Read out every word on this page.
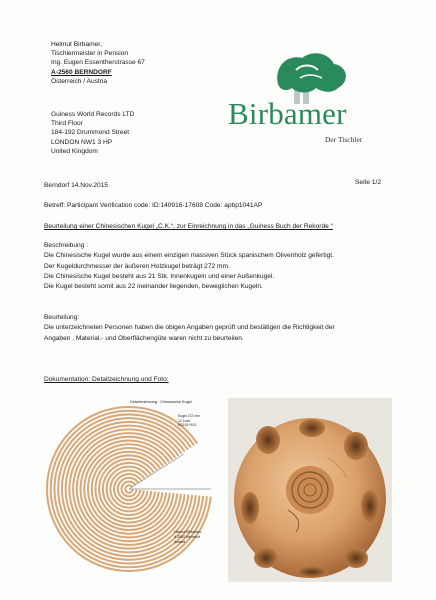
Helmut Birbamer,
Tischlermeister in Pension
Ing. Eugen Essentherstrasse 67
A-2560 BERNDORF
Österreich / Austria
Guiness World Records LTD
Third Floor
184-192 Drummond Street
LONDON NW1 3 HP
United Kingdom
Birbamer
Der Tischler
Berndorf 14.Nov.2015	Seite 1/2
Betreff: Participant Verification code: ID:140916-17608 Code: apbp1041AP
Beurteilung einer Chinesischen Kugel „C.K.“, zur Einreichnung in das „Guiness Buch der Rekorde “
Beschreibung :
Die Chinesische Kugel wurde aus einem einzigen massiven Stück spanischem Olivenholz gefertigt.
Der Kugeldurchmesser der äußeren Holzkugel beträgt 272 mm.
Die Chinesische Kugel besteht aus 21 Stk. Innenkugeln und einer Außenkugel.
Die Kugel besteht somit aus 22 ineinander liegenden, beweglichen Kugeln.
Beurteilung:
Die unterzeichneten Personen haben die obigen Angaben geprüft und bestätigen die Richtigkeit der
Angaben . Material.- und Oberflächengüte waren nicht zu beurteilen.
Dokumentation: Detailzeichnung und Foto:
Detailzeichnung : Chinesische Kugel
Kugel 272 mm
12 Loch
KG115÷9/11
Helmut Birbamer,
A 2560 Berndorf
Austria
